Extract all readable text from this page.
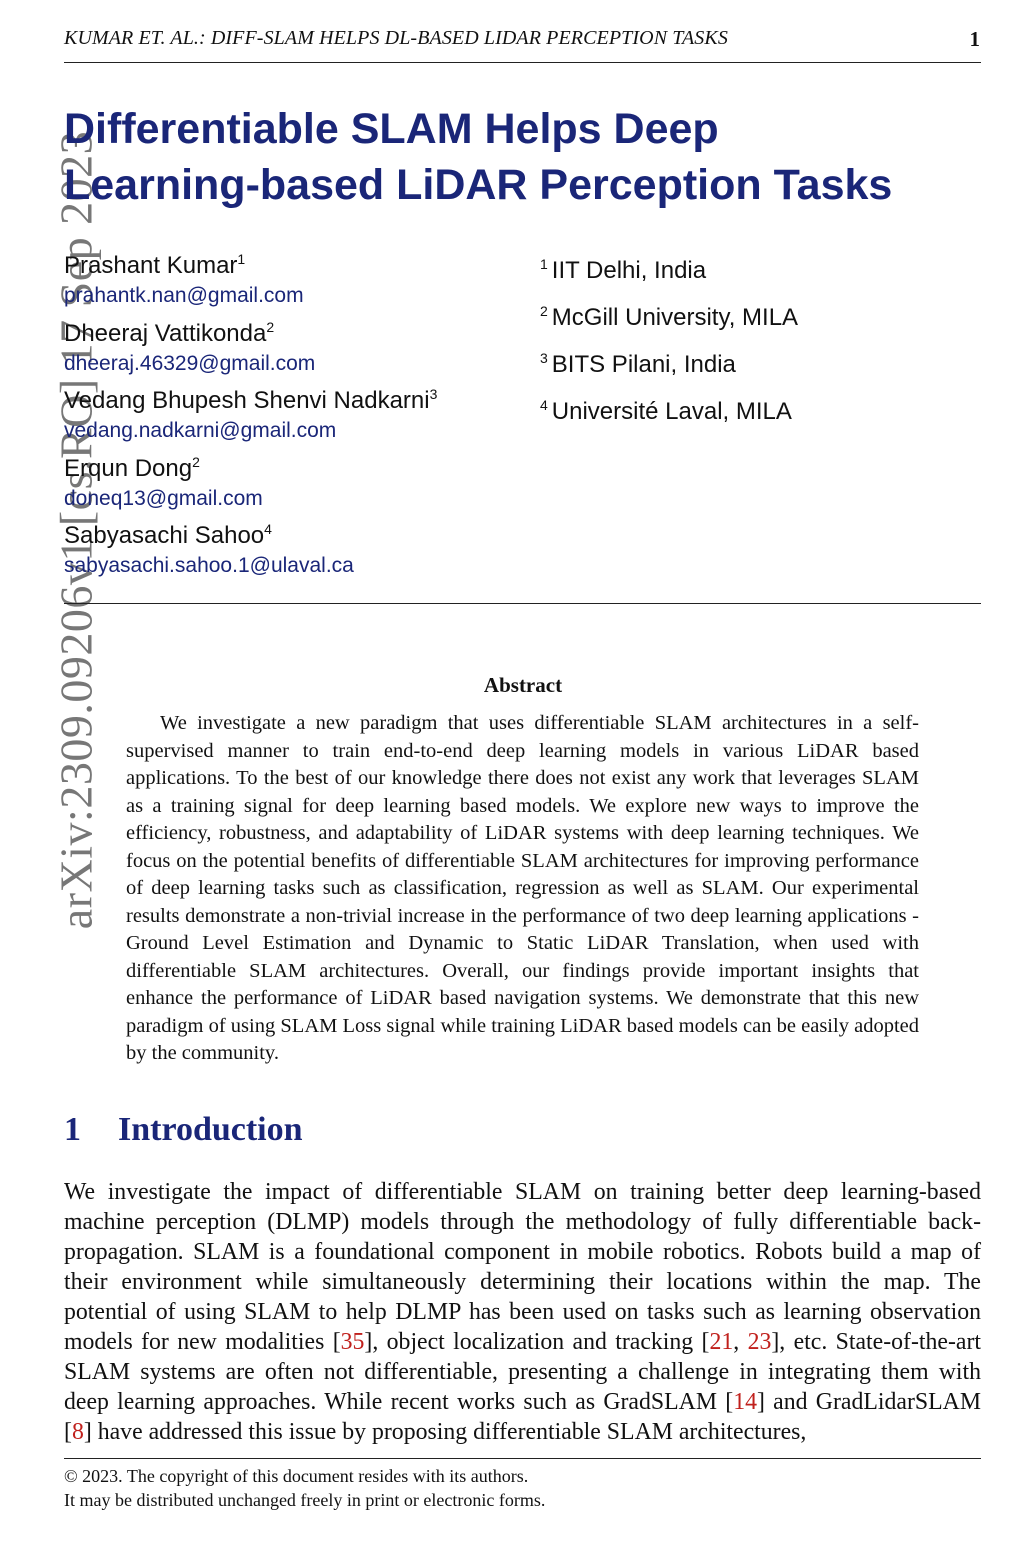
KUMAR ET. AL.: DIFF-SLAM HELPS DL-BASED LIDAR PERCEPTION TASKS	1
arXiv:2309.09206v1 [cs.RO] 17 Sep 2023
Differentiable SLAM Helps Deep
Learning-based LiDAR Perception Tasks
Prashant Kumar$^1$
prahantk.nan@gmail.com
Dheeraj Vattikonda$^2$
dheeraj.46329@gmail.com
Vedang Bhupesh Shenvi Nadkarni$^3$
vedang.nadkarni@gmail.com
Erqun Dong$^2$
doneq13@gmail.com
Sabyasachi Sahoo$^4$
sabyasachi.sahoo.1@ulaval.ca
$^1$ IIT Delhi, India
$^2$ McGill University, MILA
$^3$ BITS Pilani, India
$^4$ Université Laval, MILA
Abstract

We investigate a new paradigm that uses differentiable SLAM architectures in a self-supervised manner to train end-to-end deep learning models in various LiDAR based applications. To the best of our knowledge there does not exist any work that leverages SLAM as a training signal for deep learning based models. We explore new ways to improve the efficiency, robustness, and adaptability of LiDAR systems with deep learning techniques. We focus on the potential benefits of differentiable SLAM architectures for improving performance of deep learning tasks such as classification, regression as well as SLAM. Our experimental results demonstrate a non-trivial increase in the performance of two deep learning applications - Ground Level Estimation and Dynamic to Static LiDAR Translation, when used with differentiable SLAM architectures. Overall, our findings provide important insights that enhance the performance of LiDAR based navigation systems. We demonstrate that this new paradigm of using SLAM Loss signal while training LiDAR based models can be easily adopted by the community.

1 Introduction

We investigate the impact of differentiable SLAM on training better deep learning-based machine perception (DLMP) models through the methodology of fully differentiable back-propagation. SLAM is a foundational component in mobile robotics. Robots build a map of their environment while simultaneously determining their locations within the map. The potential of using SLAM to help DLMP has been used on tasks such as learning observation models for new modalities [35], object localization and tracking [21, 23], etc. State-of-the-art SLAM systems are often not differentiable, presenting a challenge in integrating them with deep learning approaches. While recent works such as GradSLAM [14] and GradLidarSLAM [8] have addressed this issue by proposing differentiable SLAM architectures,

© 2023. The copyright of this document resides with its authors.
It may be distributed unchanged freely in print or electronic forms.
